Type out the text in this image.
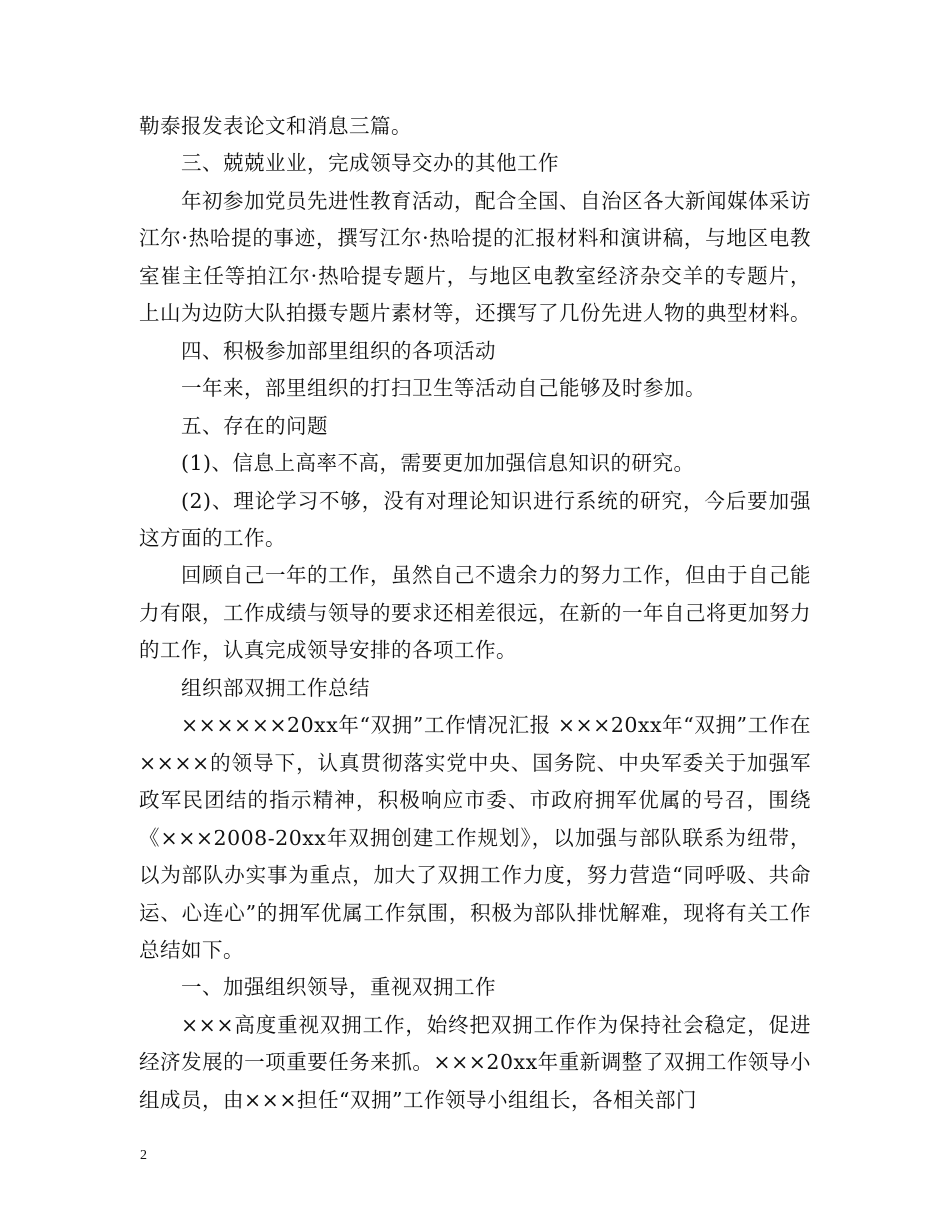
勒泰报发表论文和消息三篇。

三、兢兢业业，完成领导交办的其他工作

年初参加党员先进性教育活动，配合全国、自治区各大新闻媒体采访江尔·热哈提的事迹，撰写江尔·热哈提的汇报材料和演讲稿，与地区电教室崔主任等拍江尔·热哈提专题片，与地区电教室经济杂交羊的专题片，上山为边防大队拍摄专题片素材等，还撰写了几份先进人物的典型材料。

四、积极参加部里组织的各项活动

一年来，部里组织的打扫卫生等活动自己能够及时参加。

五、存在的问题

(1)、信息上高率不高，需要更加加强信息知识的研究。

(2)、理论学习不够，没有对理论知识进行系统的研究，今后要加强这方面的工作。

回顾自己一年的工作，虽然自己不遗余力的努力工作，但由于自己能力有限，工作成绩与领导的要求还相差很远，在新的一年自己将更加努力的工作，认真完成领导安排的各项工作。

组织部双拥工作总结

××××××20xx年“双拥”工作情况汇报 ×××20xx年“双拥”工作在××××的领导下，认真贯彻落实党中央、国务院、中央军委关于加强军政军民团结的指示精神，积极响应市委、市政府拥军优属的号召，围绕《×××2008-20xx年双拥创建工作规划》，以加强与部队联系为纽带，以为部队办实事为重点，加大了双拥工作力度，努力营造“同呼吸、共命运、心连心”的拥军优属工作氛围，积极为部队排忧解难，现将有关工作总结如下。

一、加强组织领导，重视双拥工作

×××高度重视双拥工作，始终把双拥工作作为保持社会稳定，促进经济发展的一项重要任务来抓。×××20xx年重新调整了双拥工作领导小组成员，由×××担任“双拥”工作领导小组组长，各相关部门

2
